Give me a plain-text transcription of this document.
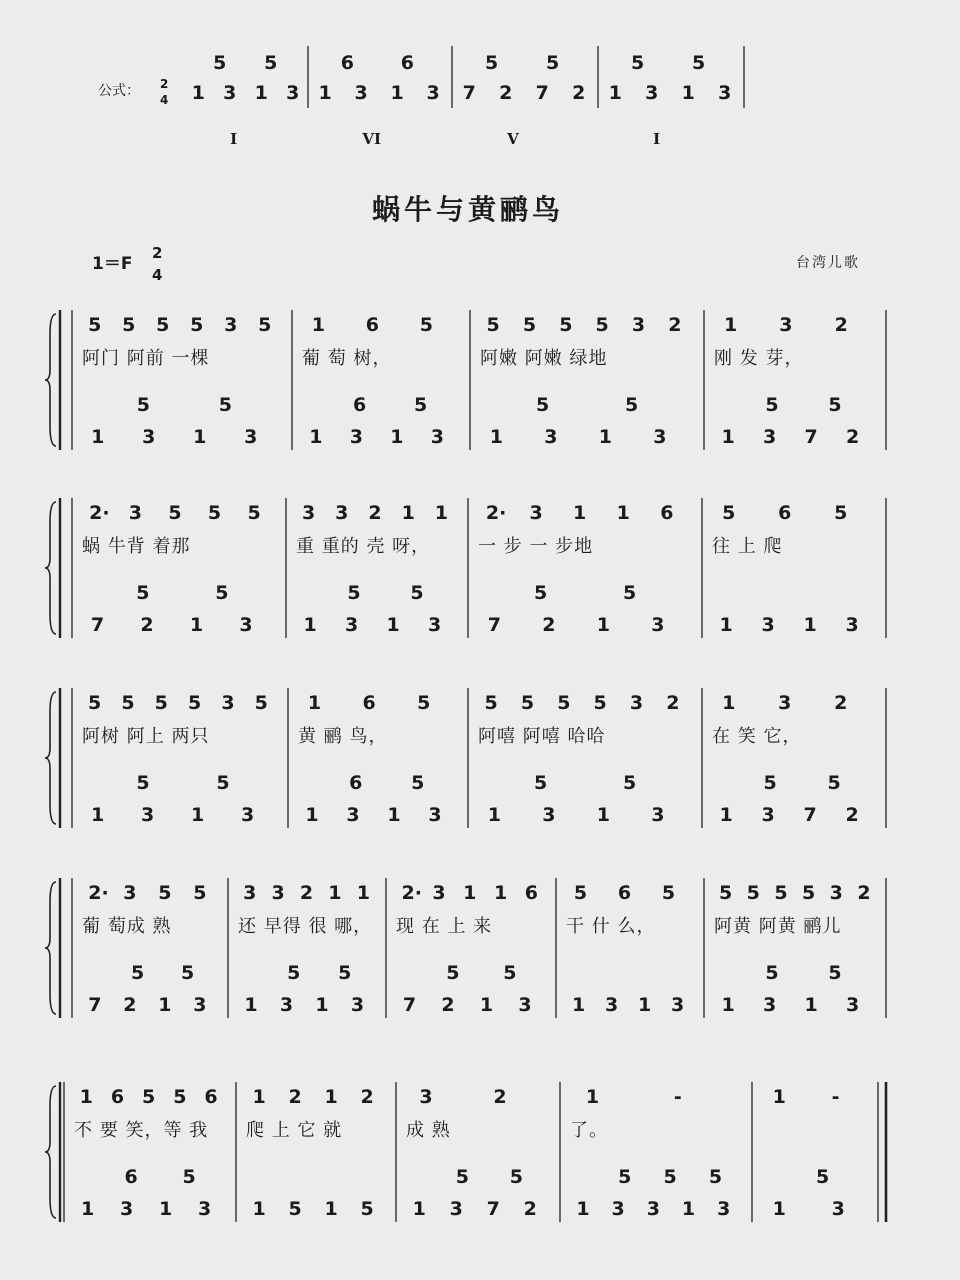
公式： 2
4
蜗牛与黄鹂鸟
1＝F
2
4
台湾儿歌
5 5
1 3 1 3
I
6 6
1 3 1 3
VI
5	5
7 2 7 2
V
5	5
1 3 1 3
I
5 5 5 5 3 5
阿门 阿前 一棵
5	5
1 3 1 3
1 6 5
葡 萄 树，
6	5
1 3 1 3
5 5 5 5 3 2
阿嫩 阿嫩 绿地
5	5
1 3 1 3
1 3 2
刚 发 芽，
5	5
1 3 7 2
2· 3 5 5 5
蜗 牛背 着那
5	5
7 2 1 3
3 3 2 1 1
重 重的 壳 呀，
5	5
1 3 1 3
2· 3 1 1 6
一 步 一 步地
5	5
7 2 1 3
5 6 5
往 上 爬
1 3 1 3
5 5 5 5 3 5
阿树 阿上 两只
5	5
1 3 1 3
1 6 5
黄 鹂 鸟，
6	5
1 3 1 3
5 5 5 5 3 2
阿嘻 阿嘻 哈哈
5	5
1 3 1 3
1 3 2
在 笑 它，
5	5
1 3 7 2
2· 3 5 5
葡 萄成 熟
5 5
7 2 1 3
3 3 2 1 1
还 早得 很 哪，
5 5
1 3 1 3
2· 3 1 1 6
现 在 上 来
5 5
7 2 1 3
5 6 5
干 什 么，
1 3 1 3
5 5 5 5 3 2
阿黄 阿黄 鹂儿
5	5
1 3 1 3
1 6 5 5 6
不 要 笑，等 我
6 5
1 3 1 3
1 2 1 2
爬 上 它 就
1 5 1 5
3	2
成 熟
5 5
1 3 7 2
1	-
了。
5 5 5
1 3 3 1 3
1 -
5
1 3
